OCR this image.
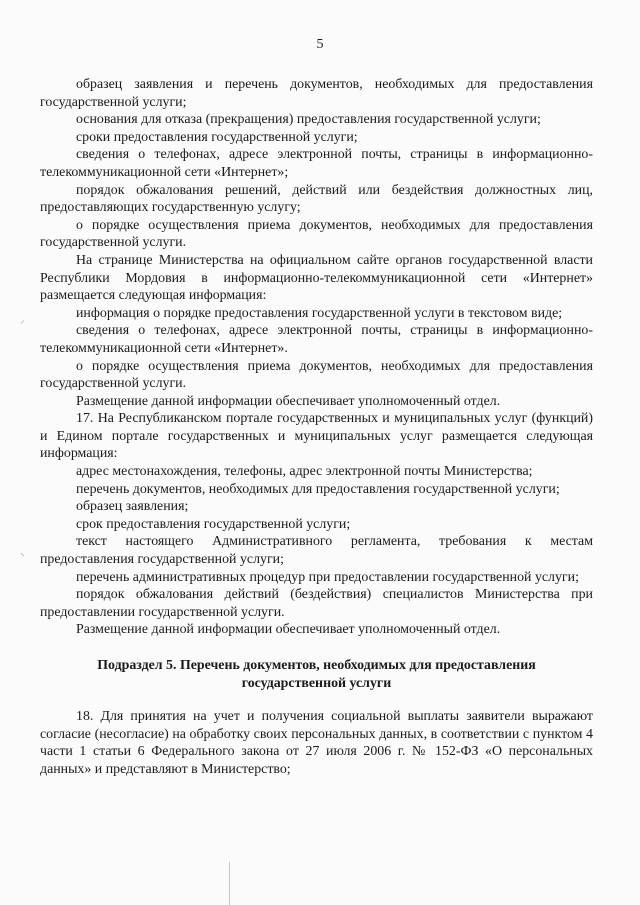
5
⸝
⸌

образец заявления и перечень документов, необходимых для предоставления государственной услуги;

основания для отказа (прекращения) предоставления государственной услуги;

сроки предоставления государственной услуги;

сведения о телефонах, адресе электронной почты, страницы в информационно-телекоммуникационной сети «Интернет»;

порядок обжалования решений, действий или бездействия должностных лиц, предоставляющих государственную услугу;

о порядке осуществления приема документов, необходимых для предоставления государственной услуги.

На странице Министерства на официальном сайте органов государственной власти Республики Мордовия в информационно-телекоммуникационной сети «Интернет» размещается следующая информация:

информация о порядке предоставления государственной услуги в текстовом виде;

сведения о телефонах, адресе электронной почты, страницы в информационно-телекоммуникационной сети «Интернет».

о порядке осуществления приема документов, необходимых для предоставления государственной услуги.

Размещение данной информации обеспечивает уполномоченный отдел.

17. На Республиканском портале государственных и муниципальных услуг (функций) и Едином портале государственных и муниципальных услуг размещается следующая информация:

адрес местонахождения, телефоны, адрес электронной почты Министерства;

перечень документов, необходимых для предоставления государственной услуги;

образец заявления;

срок предоставления государственной услуги;

текст настоящего Административного регламента, требования к местам предоставления государственной услуги;

перечень административных процедур при предоставлении государственной услуги;

порядок обжалования действий (бездействия) специалистов Министерства при предоставлении государственной услуги.

Размещение данной информации обеспечивает уполномоченный отдел.

Подраздел 5. Перечень документов, необходимых для предоставления
государственной услуги

18. Для принятия на учет и получения социальной выплаты заявители выражают согласие (несогласие) на обработку своих персональных данных, в соответствии с пунктом 4 части 1 статьи 6 Федерального закона от 27 июля 2006 г. № 152-ФЗ «О персональных данных» и представляют в Министерство;
